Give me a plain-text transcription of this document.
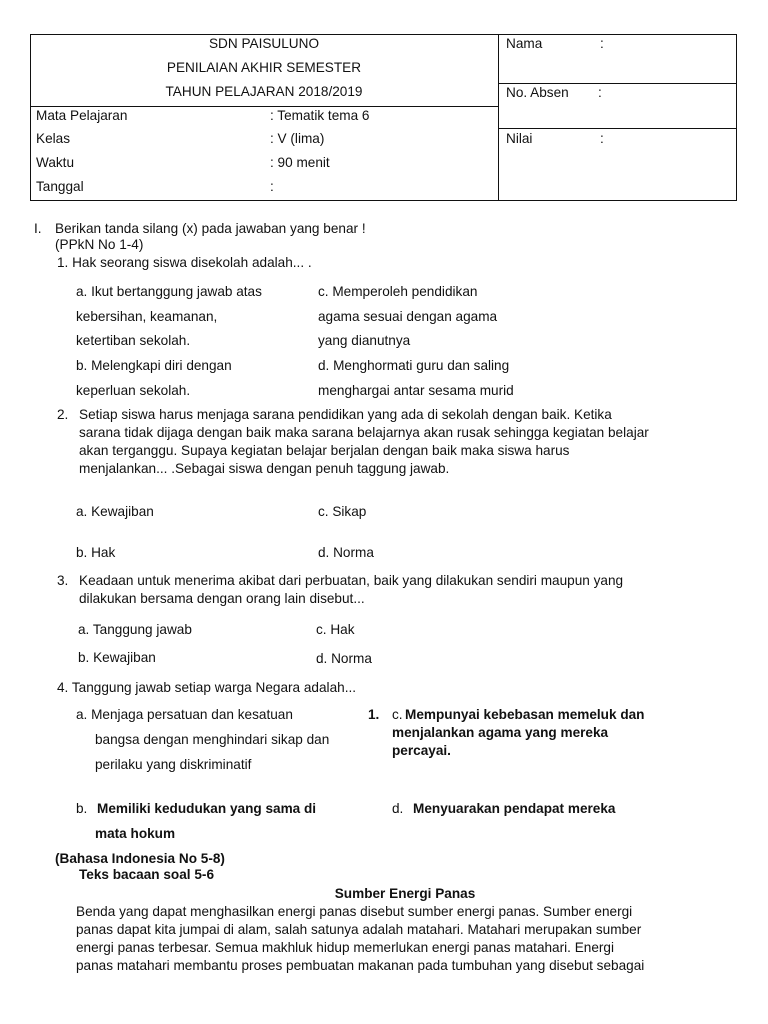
SDN PAISULUNO
PENILAIAN AKHIR SEMESTER
TAHUN PELAJARAN 2018/2019
Mata Pelajaran	: Tematik tema 6
Kelas	: V (lima)
Waktu	: 90 menit
Tanggal	:
Nama	:
No. Absen :
Nilai	:
I. Berikan tanda silang (x) pada jawaban yang benar !
(PPkN No 1-4)
1. Hak seorang siswa disekolah adalah... .
a. Ikut bertanggung jawab atas
kebersihan, keamanan,
ketertiban sekolah.
b. Melengkapi diri dengan
keperluan sekolah.
c. Memperoleh pendidikan
agama sesuai dengan agama
yang dianutnya
d. Menghormati guru dan saling
menghargai antar sesama murid
2. Setiap siswa harus menjaga sarana pendidikan yang ada di sekolah dengan baik. Ketika
sarana tidak dijaga dengan baik maka sarana belajarnya akan rusak sehingga kegiatan belajar
akan terganggu. Supaya kegiatan belajar berjalan dengan baik maka siswa harus
menjalankan... .Sebagai siswa dengan penuh taggung jawab.
a. Kewajiban
b. Hak
c. Sikap
d. Norma
3. Keadaan untuk menerima akibat dari perbuatan, baik yang dilakukan sendiri maupun yang
dilakukan bersama dengan orang lain disebut...
a. Tanggung jawab
b. Kewajiban
c. Hak
d. Norma
4. Tanggung jawab setiap warga Negara adalah...
a. Menjaga persatuan dan kesatuan
bangsa dengan menghindari sikap dan
perilaku yang diskriminatif
1. c. Mempunyai kebebasan memeluk dan
menjalankan agama yang mereka
percayai.
b. Memiliki kedudukan yang sama di
mata hokum
d. Menyuarakan pendapat mereka
(Bahasa Indonesia No 5-8)
Teks bacaan soal 5-6
Sumber Energi Panas
Benda yang dapat menghasilkan energi panas disebut sumber energi panas. Sumber energi
panas dapat kita jumpai di alam, salah satunya adalah matahari. Matahari merupakan sumber
energi panas terbesar. Semua makhluk hidup memerlukan energi panas matahari. Energi
panas matahari membantu proses pembuatan makanan pada tumbuhan yang disebut sebagai
